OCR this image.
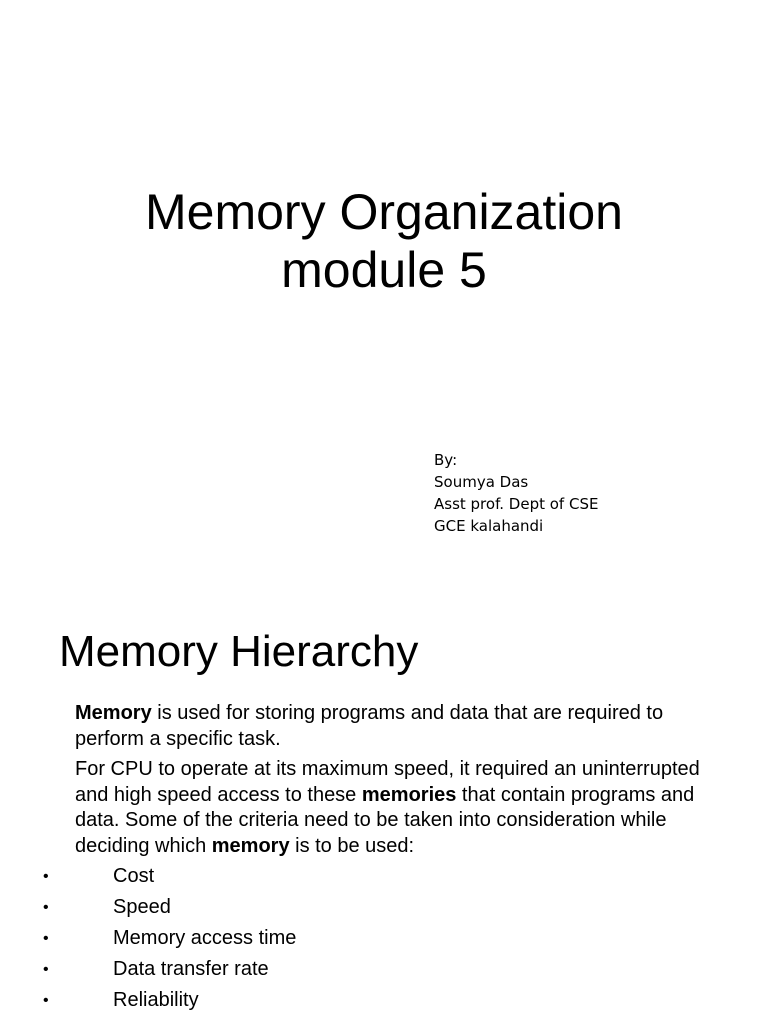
Memory Organization
module 5
By:
Soumya Das
Asst prof. Dept of CSE
GCE kalahandi
Memory Hierarchy
Memory is used for storing programs and data that are required to perform a specific task.
For CPU to operate at its maximum speed, it required an uninterrupted and high speed access to these memories that contain programs and data. Some of the criteria need to be taken into consideration while deciding which memory is to be used:
•	Cost
•	Speed
•	Memory access time
•	Data transfer rate
•	Reliability
